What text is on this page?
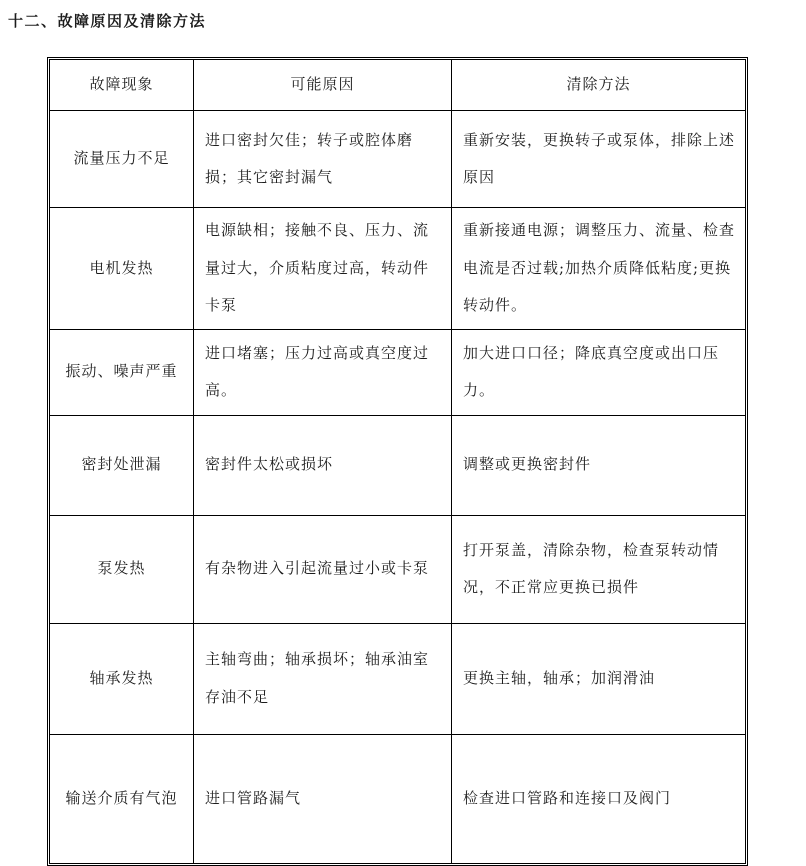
十二、故障原因及清除方法
故障现象	可能原因	清除方法
流量压力不足	进口密封欠佳；转子或腔体磨损；其它密封漏气	重新安装，更换转子或泵体，排除上述原因
电机发热	电源缺相；接触不良、压力、流量过大，介质粘度过高，转动件卡泵	重新接通电源；调整压力、流量、检查电流是否过载;加热介质降低粘度;更换转动件。
振动、噪声严重	进口堵塞；压力过高或真空度过高。	加大进口口径；降底真空度或出口压力。
密封处泄漏	密封件太松或损坏	调整或更换密封件
泵发热	有杂物进入引起流量过小或卡泵	打开泵盖，清除杂物，检查泵转动情况，不正常应更换已损件
轴承发热	主轴弯曲；轴承损坏；轴承油室存油不足	更换主轴，轴承；加润滑油
输送介质有气泡	进口管路漏气	检查进口管路和连接口及阀门
